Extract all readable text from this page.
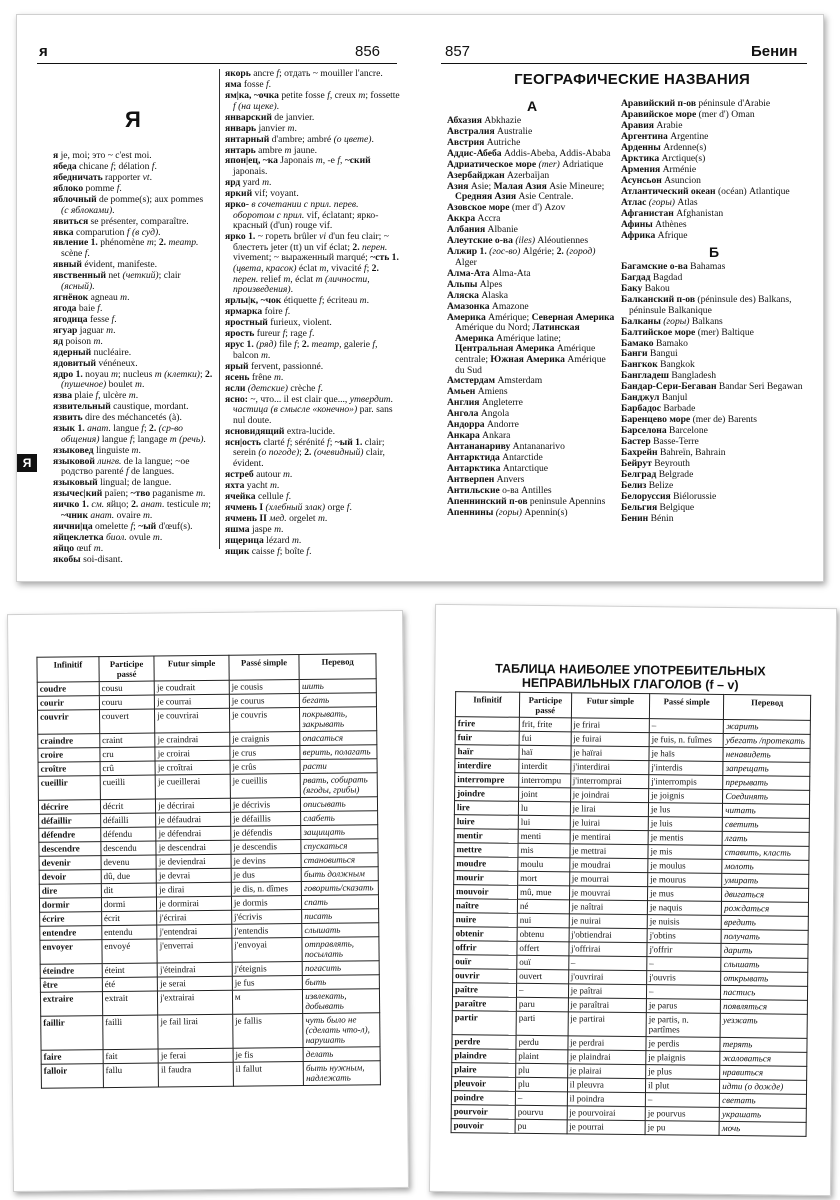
я	856	857	Бенин
Я
Я

я je, moi; это ~ c'est moi.

ябеда chicane f; délation f.

ябедничать rapporter vt.

яблоко pomme f.

яблочный de pomme(s); aux pommes (с яблоками).

явиться se présenter, comparaître.

явка comparution f (в суд).

явление 1. phénomène m; 2. театр. scène f.

явный évident, manifeste.

явственный net (четкий); clair (ясный).

ягнёнок agneau m.

ягода baie f.

ягодица fesse f.

ягуар jaguar m.

яд poison m.

ядерный nucléaire.

ядовитый vénéneux.

ядро 1. noyau m; nucleus m (клетки); 2. (пушечное) boulet m.

язва plaie f, ulcère m.

язвительный caustique, mordant.

язвить dire des méchancetés (à).

язык 1. анат. langue f; 2. (ср-во общения) langue f; langage m (речь).

языковед linguiste m.

языковой лингв. de la langue; ~ое родство parenté f de langues.

языковый lingual; de langue.

язычес|кий païen; ~тво paganisme m.

яичко 1. см. яйцо; 2. анат. testicule m; ~чник анат. ovaire m.

яични|ца omelette f; ~ый d'œuf(s).

яйцеклетка биол. ovule m.

яйцо œuf m.

якобы soi-disant.

якорь ancre f; отдать ~ mouiller l'ancre.

яма fosse f.

ям|ка, ~очка petite fosse f, creux m; fossette f (на щеке).

январский de janvier.

январь janvier m.

янтарный d'ambre; ambré (о цвете).

янтарь ambre m jaune.

япон|ец, ~ка Japonais m, -e f, ~ский japonais.

ярд yard m.

яркий vif; voyant.

ярко- в сочетании с прил. перев. оборотом с прил. vif, éclatant; ярко-красный (d'un) rouge vif.

ярко 1. ~ гореть brûler vi d'un feu clair; ~ блестеть jeter (tt) un vif éclat; 2. перен. vivement; ~ выраженный marqué; ~сть 1. (цвета, красок) éclat m, vivacité f; 2. перен. relief m, éclat m (личности, произведения).

ярлы|к, ~чок étiquette f; écriteau m.

ярмарка foire f.

яростный furieux, violent.

ярость fureur f; rage f.

ярус 1. (ряд) file f; 2. театр, galerie f, balcon m.

ярый fervent, passionné.

ясень frêne m.

ясли (детские) crèche f.

ясно: ~, что... il est clair que..., утвердит. частица (в смысле «конечно») par. sans nul doute.

ясновидящий extra-lucide.

ясн|ость clarté f; sérénité f; ~ый 1. clair; serein (о погоде); 2. (очевидный) clair, évident.

ястреб autour m.

яхта yacht m.

ячейка cellule f.

ячмень I (хлебный злак) orge f.

ячмень II мед. orgelet m.

яшма jaspe m.

ящерица lézard m.

ящик caisse f; boîte f.

ГЕОГРАФИЧЕСКИЕ НАЗВАНИЯ

А

Абхазия Abkhazie

Австралия Australie

Австрия Autriche

Аддис-Абеба Addis-Abeba, Addis-Ababa

Адриатическое море (mer) Adriatique

Азербайджан Azerbaïjan

Азия Asie; Малая Азия Asie Mineure; Средняя Азия Asie Centrale.

Азовское море (mer d') Azov

Аккра Accra

Албания Albanie

Алеутские о-ва (iles) Aléoutiennes

Алжир 1. (гос-во) Algérie; 2. (город) Alger

Алма-Ата Alma-Ata

Альпы Alpes

Аляска Alaska

Амазонка Amazone

Америка Amérique; Северная Америка Amérique du Nord; Латинская Америка Amérique latine; Центральная Америка Amérique centrale; Южная Америка Amérique du Sud

Амстердам Amsterdam

Амьен Amiens

Англия Angleterre

Ангола Angola

Андорра Andorre

Анкара Ankara

Антананариву Antananarivo

Антарктида Antarctide

Антарктика Antarctique

Антверпен Anvers

Антильские о-ва Antilles

Апеннинский п-ов peninsule Apennins

Апеннины (горы) Apennin(s)

Аравийский п-ов péninsule d'Arabie

Аравийское море (mer d') Oman

Аравия Arabie

Аргентина Argentine

Арденны Ardenne(s)

Арктика Arctique(s)

Армения Arménie

Асунсьон Asuncion

Атлантический океан (océan) Atlantique

Атлас (горы) Atlas

Афганистан Afghanistan

Афины Athènes

Африка Afrique

Б

Багамские о-ва Bahamas

Багдад Bagdad

Баку Bakou

Балканский п-ов (péninsule des) Balkans, péninsule Balkanique

Балканы (горы) Balkans

Балтийское море (mer) Baltique

Бамако Bamako

Банги Bangui

Бангкок Bangkok

Бангладеш Bangladesh

Бандар-Сери-Бегаван Bandar Seri Begawan

Банджул Banjul

Барбадос Barbade

Баренцево море (mer de) Barents

Барселона Barcelone

Бастер Basse-Terre

Бахрейн Bahreïn, Bahrain

Бейрут Beyrouth

Белград Belgrade

Белиз Belize

Белоруссия Biélorussie

Бельгия Belgique

Бенин Bénin

Infinitif	Participe passé	Futur simple	Passé simple	Перевод
coudre	cousu	je coudrait	je cousis	шить
courir	couru	je courrai	je courus	бегать
couvrir	couvert	je couvrirai	je couvris	покрывать, закрывать
craindre	craint	je craindrai	je craignis	опасаться
croire	cru	je croirai	je crus	верить, полагать
croître	crû	je croîtrai	je crûs	расти
cueillir	cueilli	je cueillerai	je cueillis	рвать, собирать (ягоды, грибы)
décrire	décrit	je décrirai	je décrivis	описывать
défaillir	défailli	je défaudrai	je défaillis	слабеть
défendre	défendu	je défendrai	je défendis	защищать
descendre	descendu	je descendrai	je descendis	спускаться
devenir	devenu	je deviendrai	je devins	становиться
devoir	dû, due	je devrai	je dus	быть должным
dire	dit	je dirai	je dis, n. dîmes	говорить/сказать
dormir	dormi	je dormirai	je dormis	спать
écrire	écrit	j'écrirai	j'écrivis	писать
entendre	entendu	j'entendrai	j'entendis	слышать
envoyer	envoyé	j'enverrai	j'envoyai	отправлять, посылать
éteindre	éteint	j'éteindrai	j'éteignis	погасить
être	été	je serai	je fus	быть
extraire	extrait	j'extrairai	м	извлекать, добывать
faillir	failli	je fail lirai	je fallis	чуть было не (сделать что-л), нарушать
faire	fait	je ferai	je fis	делать
falloir	fallu	il faudra	il fallut	быть нужным, надлежать
ТАБЛИЦА НАИБОЛЕЕ УПОТРЕБИТЕЛЬНЫХ НЕПРАВИЛЬНЫХ ГЛАГОЛОВ (f – v)
Infinitif	Participe passé	Futur simple	Passé simple	Перевод
frire	frit, frite	je frirai	–	жарить
fuir	fui	je fuirai	je fuis, n. fuîmes	убегать /протекать
haïr	haï	je haïrai	je haïs	ненавидеть
interdire	interdit	j'interdirai	j'interdis	запрещать
interrompre	interrompu	j'interromprai	j'interrompis	прерывать
joindre	joint	je joindrai	je joignis	Соединять
lire	lu	je lirai	je lus	читать
luire	lui	je luirai	je luis	светить
mentir	menti	je mentirai	je mentis	лгать
mettre	mis	je mettrai	je mis	ставить, класть
moudre	moulu	je moudrai	je moulus	молоть
mourir	mort	je mourrai	je mourus	умирать
mouvoir	mû, mue	je mouvrai	je mus	двигаться
naître	né	je naîtrai	je naquis	рождаться
nuire	nui	je nuirai	je nuisis	вредить
obtenir	obtenu	j'obtiendrai	j'obtins	получать
offrir	offert	j'offrirai	j'offrir	дарить
ouïr	ouï	–	–	слышать
ouvrir	ouvert	j'ouvrirai	j'ouvris	открывать
paître	–	je paîtrai	–	пастись
paraître	paru	je paraîtrai	je parus	появляться
partir	parti	je partirai	je partis, n. partîmes	уезжать
perdre	perdu	je perdrai	je perdis	терять
plaindre	plaint	je plaindrai	je plaignis	жаловаться
plaire	plu	je plairai	je plus	нравиться
pleuvoir	plu	il pleuvra	il plut	идти (о дожде)
poindre	–	il poindra	–	светать
pourvoir	pourvu	je pourvoirai	je pourvus	украшать
pouvoir	pu	je pourrai	je pu	мочь
